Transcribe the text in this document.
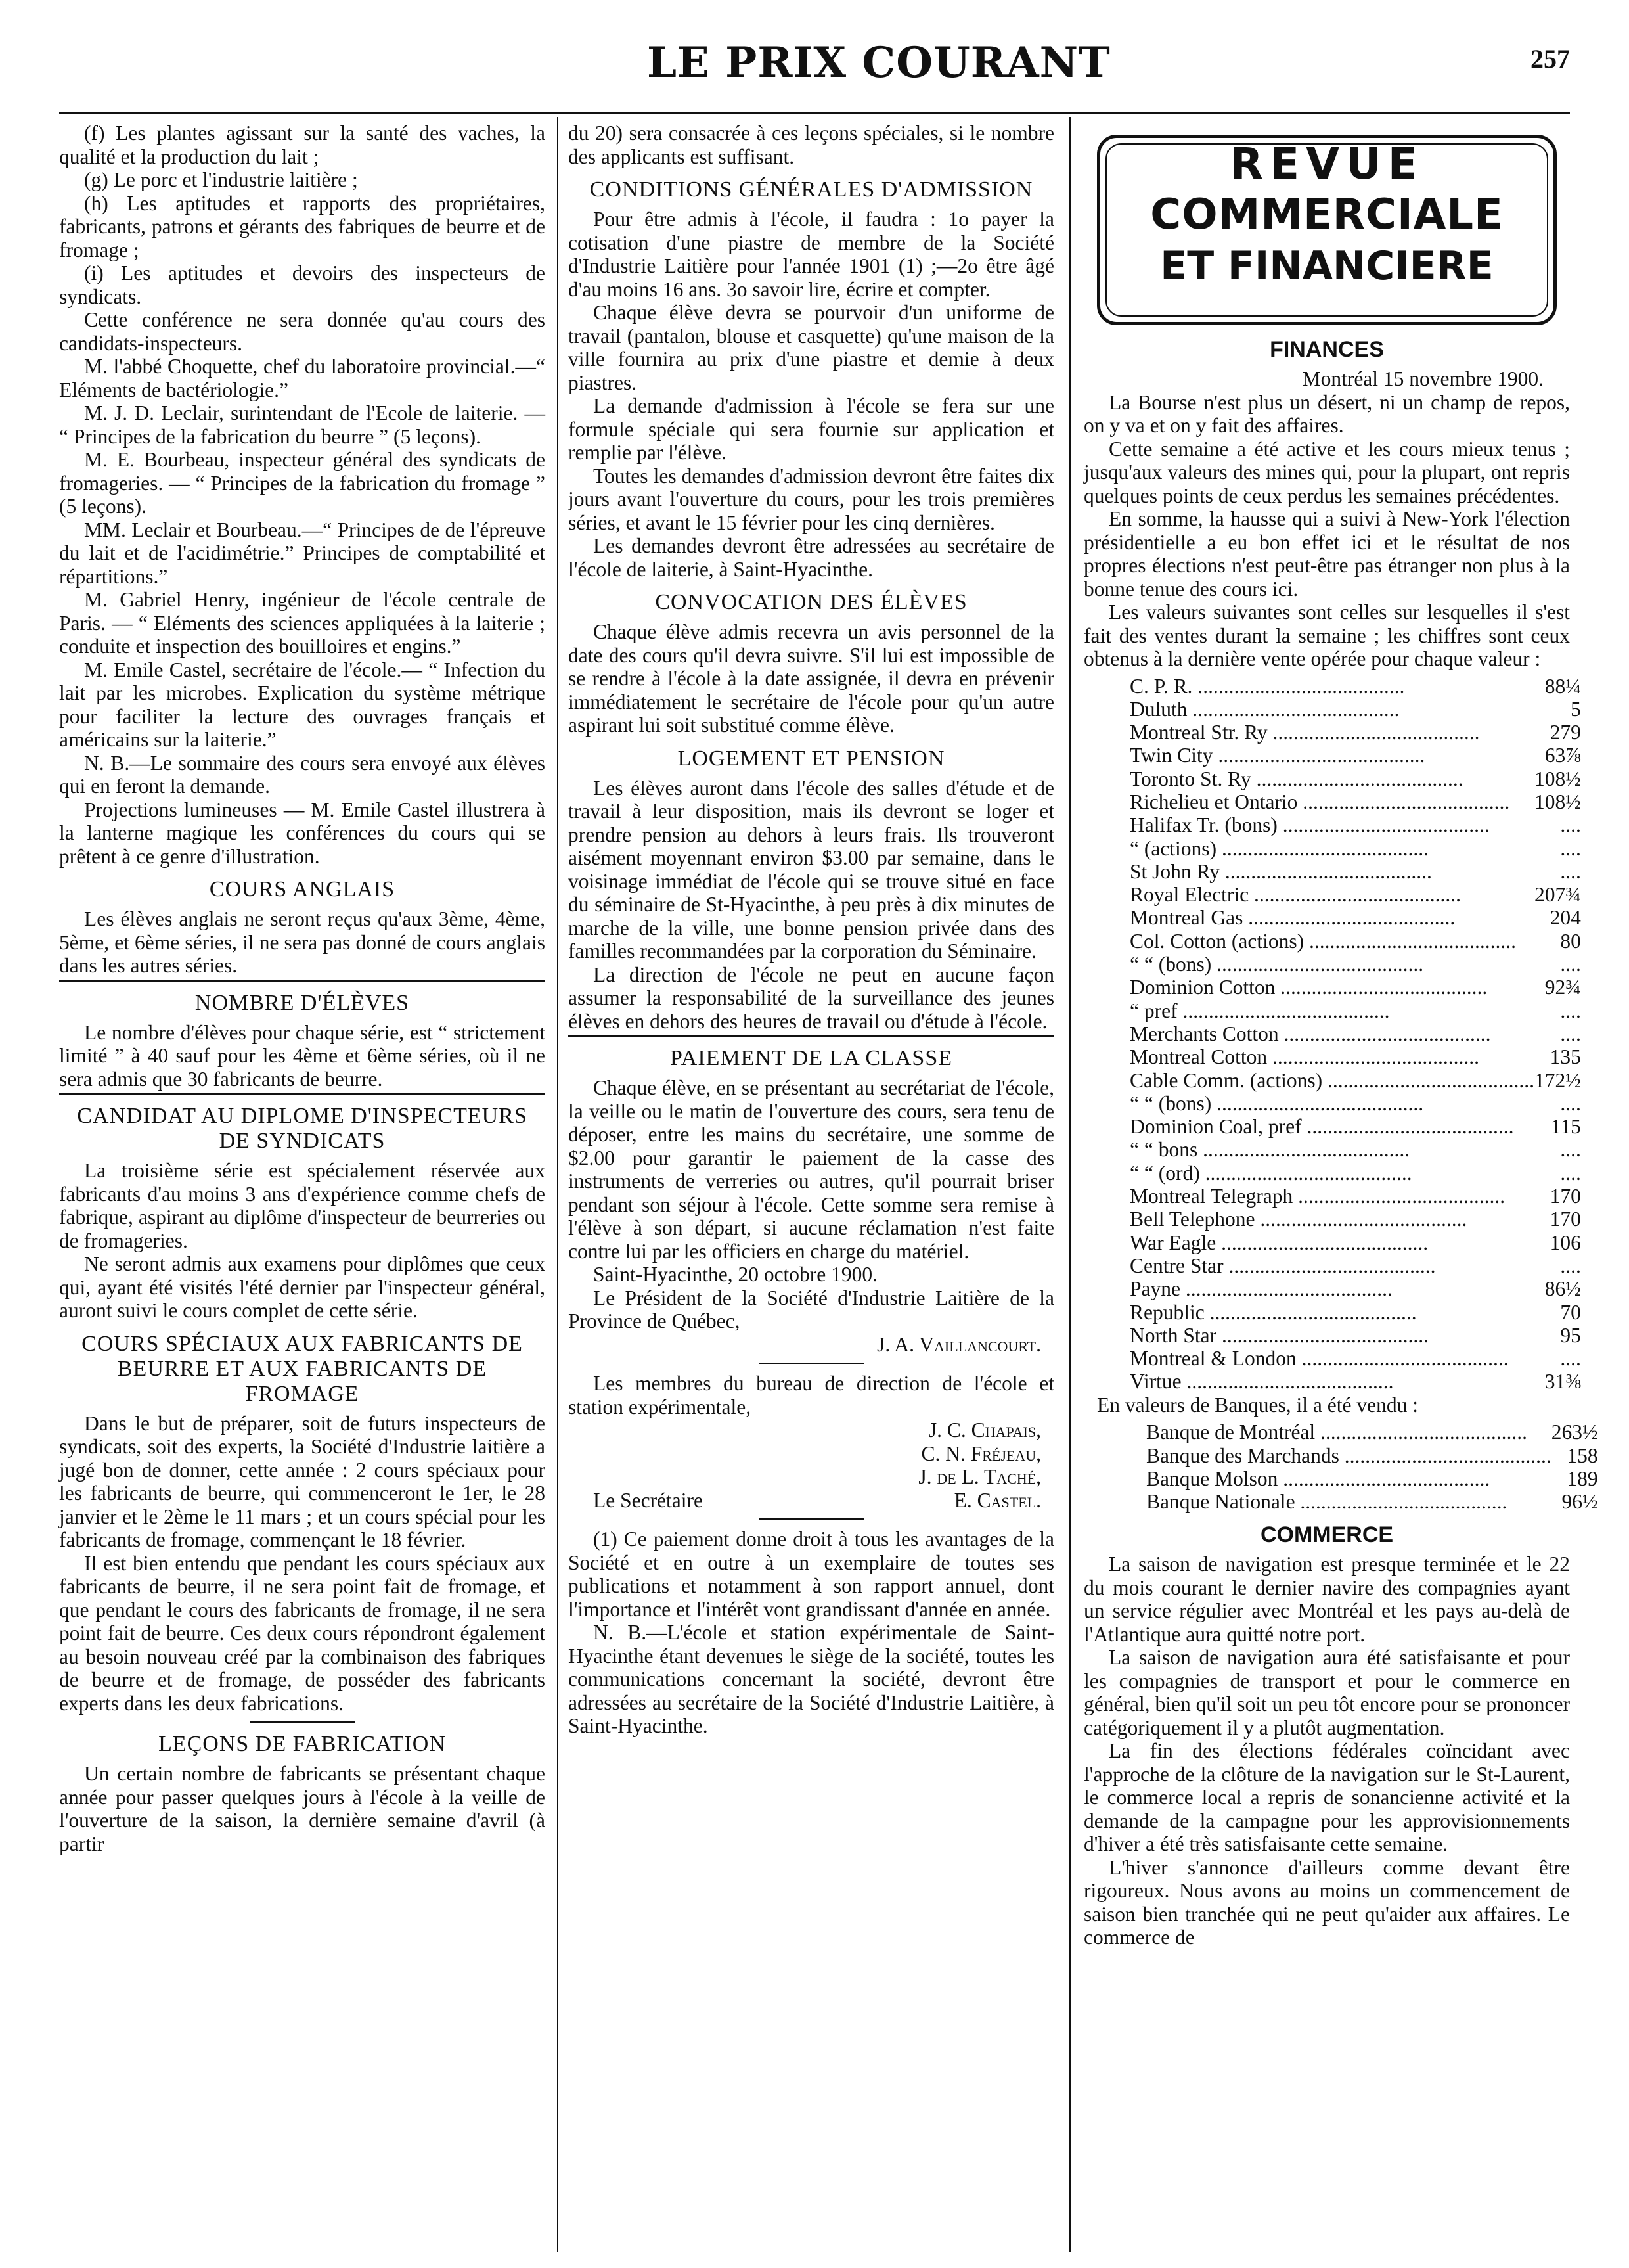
LE PRIX COURANT	257

(f) Les plantes agissant sur la santé des vaches, la qualité et la production du lait ;

(g) Le porc et l'industrie laitière ;

(h) Les aptitudes et rapports des propriétaires, fabricants, patrons et gérants des fabriques de beurre et de fromage ;

(i) Les aptitudes et devoirs des inspecteurs de syndicats.

Cette conférence ne sera donnée qu'au cours des candidats-inspecteurs.

M. l'abbé Choquette, chef du laboratoire provincial.—“ Eléments de bactériologie.”

M. J. D. Leclair, surintendant de l'Ecole de laiterie. — “ Principes de la fabrication du beurre ” (5 leçons).

M. E. Bourbeau, inspecteur général des syndicats de fromageries. — “ Principes de la fabrication du fromage ” (5 leçons).

MM. Leclair et Bourbeau.—“ Principes de de l'épreuve du lait et de l'acidimétrie.” Principes de comptabilité et répartitions.”

M. Gabriel Henry, ingénieur de l'école centrale de Paris. — “ Eléments des sciences appliquées à la laiterie ; conduite et inspection des bouilloires et engins.”

M. Emile Castel, secrétaire de l'école.— “ Infection du lait par les microbes. Explication du système métrique pour faciliter la lecture des ouvrages français et américains sur la laiterie.”

N. B.—Le sommaire des cours sera envoyé aux élèves qui en feront la demande.

Projections lumineuses — M. Emile Castel illustrera à la lanterne magique les conférences du cours qui se prêtent à ce genre d'illustration.

COURS ANGLAIS

Les élèves anglais ne seront reçus qu'aux 3ème, 4ème, 5ème, et 6ème séries, il ne sera pas donné de cours anglais dans les autres séries.

NOMBRE D'ÉLÈVES

Le nombre d'élèves pour chaque série, est “ strictement limité ” à 40 sauf pour les 4ème et 6ème séries, où il ne sera admis que 30 fabricants de beurre.

CANDIDAT AU DIPLOME D'INSPECTEURS DE SYNDICATS

La troisième série est spécialement réservée aux fabricants d'au moins 3 ans d'expérience comme chefs de fabrique, aspirant au diplôme d'inspecteur de beurreries ou de fromageries.

Ne seront admis aux examens pour diplômes que ceux qui, ayant été visités l'été dernier par l'inspecteur général, auront suivi le cours complet de cette série.

COURS SPÉCIAUX AUX FABRICANTS DE BEURRE ET AUX FABRICANTS DE FROMAGE

Dans le but de préparer, soit de futurs inspecteurs de syndicats, soit des experts, la Société d'Industrie laitière a jugé bon de donner, cette année : 2 cours spéciaux pour les fabricants de beurre, qui commenceront le 1er, le 28 janvier et le 2ème le 11 mars ; et un cours spécial pour les fabricants de fromage, commençant le 18 février.

Il est bien entendu que pendant les cours spéciaux aux fabricants de beurre, il ne sera point fait de fromage, et que pendant le cours des fabricants de fromage, il ne sera point fait de beurre. Ces deux cours répondront également au besoin nouveau créé par la combinaison des fabriques de beurre et de fromage, de posséder des fabricants experts dans les deux fabrications.

LEÇONS DE FABRICATION

Un certain nombre de fabricants se présentant chaque année pour passer quelques jours à l'école à la veille de l'ouverture de la saison, la dernière semaine d'avril (à partir

du 20) sera consacrée à ces leçons spéciales, si le nombre des applicants est suffisant.

CONDITIONS GÉNÉRALES D'ADMISSION

Pour être admis à l'école, il faudra : 1o payer la cotisation d'une piastre de membre de la Société d'Industrie Laitière pour l'année 1901 (1) ;—2o être âgé d'au moins 16 ans. 3o savoir lire, écrire et compter.

Chaque élève devra se pourvoir d'un uniforme de travail (pantalon, blouse et casquette) qu'une maison de la ville fournira au prix d'une piastre et demie à deux piastres.

La demande d'admission à l'école se fera sur une formule spéciale qui sera fournie sur application et remplie par l'élève.

Toutes les demandes d'admission devront être faites dix jours avant l'ouverture du cours, pour les trois premières séries, et avant le 15 février pour les cinq dernières.

Les demandes devront être adressées au secrétaire de l'école de laiterie, à Saint-Hyacinthe.

CONVOCATION DES ÉLÈVES

Chaque élève admis recevra un avis personnel de la date des cours qu'il devra suivre. S'il lui est impossible de se rendre à l'école à la date assignée, il devra en prévenir immédiatement le secrétaire de l'école pour qu'un autre aspirant lui soit substitué comme élève.

LOGEMENT ET PENSION

Les élèves auront dans l'école des salles d'étude et de travail à leur disposition, mais ils devront se loger et prendre pension au dehors à leurs frais. Ils trouveront aisément moyennant environ $3.00 par semaine, dans le voisinage immédiat de l'école qui se trouve situé en face du séminaire de St-Hyacinthe, à peu près à dix minutes de marche de la ville, une bonne pension privée dans des familles recommandées par la corporation du Séminaire.

La direction de l'école ne peut en aucune façon assumer la responsabilité de la surveillance des jeunes élèves en dehors des heures de travail ou d'étude à l'école.

PAIEMENT DE LA CLASSE

Chaque élève, en se présentant au secrétariat de l'école, la veille ou le matin de l'ouverture des cours, sera tenu de déposer, entre les mains du secrétaire, une somme de $2.00 pour garantir le paiement de la casse des instruments de verreries ou autres, qu'il pourrait briser pendant son séjour à l'école. Cette somme sera remise à l'élève à son départ, si aucune réclamation n'est faite contre lui par les officiers en charge du matériel.

Saint-Hyacinthe, 20 octobre 1900.

Le Président de la Société d'Industrie Laitière de la Province de Québec,

J. A. Vaillancourt.

Les membres du bureau de direction de l'école et station expérimentale,

J. C. Chapais,
C. N. Fréjeau,
J. de L. Taché,
Le Secrétaire	E. Castel.

(1) Ce paiement donne droit à tous les avantages de la Société et en outre à un exemplaire de toutes ses publications et notamment à son rapport annuel, dont l'importance et l'intérêt vont grandissant d'année en année.

N. B.—L'école et station expérimentale de Saint-Hyacinthe étant devenues le siège de la société, toutes les communications concernant la société, devront être adressées au secrétaire de la Société d'Industrie Laitière, à Saint-Hyacinthe.

REVUE
COMMERCIALE
ET FINANCIERE
FINANCES
Montréal 15 novembre 1900.

La Bourse n'est plus un désert, ni un champ de repos, on y va et on y fait des affaires.

Cette semaine a été active et les cours mieux tenus ; jusqu'aux valeurs des mines qui, pour la plupart, ont repris quelques points de ceux perdus les semaines précédentes.

En somme, la hausse qui a suivi à New-York l'élection présidentielle a eu bon effet ici et le résultat de nos propres élections n'est peut-être pas étranger non plus à la bonne tenue des cours ici.

Les valeurs suivantes sont celles sur lesquelles il s'est fait des ventes durant la semaine ; les chiffres sont ceux obtenus à la dernière vente opérée pour chaque valeur :

C. P. R. .....	88¼
Duluth .....	5
Montreal Str. Ry .....	279
Twin City .....	63⅞
Toronto St. Ry .....	108½
Richelieu et Ontario .....	108½
Halifax Tr. (bons) .....	....
“ (actions) .....	....
St John Ry .....	....
Royal Electric .....	207¾
Montreal Gas .....	204
Col. Cotton (actions) .....	80
“ “ (bons) .....	....
Dominion Cotton .....	92¾
“ pref .....	....
Merchants Cotton .....	....
Montreal Cotton .....	135
Cable Comm. (actions) .....	172½
“ “ (bons) .....	....
Dominion Coal, pref .....	115
“ “ bons .....	....
“ “ (ord) .....	....
Montreal Telegraph .....	170
Bell Telephone .....	170
War Eagle .....	106
Centre Star .....	....
Payne .....	86½
Republic .....	70
North Star .....	95
Montreal & London .....	....
Virtue .....	31⅜

En valeurs de Banques, il a été vendu :

Banque de Montréal .....	263½
Banque des Marchands .....	158
Banque Molson .....	189
Banque Nationale .....	96½
COMMERCE

La saison de navigation est presque terminée et le 22 du mois courant le dernier navire des compagnies ayant un service régulier avec Montréal et les pays au-delà de l'Atlantique aura quitté notre port.

La saison de navigation aura été satisfaisante et pour les compagnies de transport et pour le commerce en général, bien qu'il soit un peu tôt encore pour se prononcer catégoriquement il y a plutôt augmentation.

La fin des élections fédérales coïncidant avec l'approche de la clôture de la navigation sur le St-Laurent, le commerce local a repris de sonancienne activité et la demande de la campagne pour les approvisionnements d'hiver a été très satisfaisante cette semaine.

L'hiver s'annonce d'ailleurs comme devant être rigoureux. Nous avons au moins un commencement de saison bien tranchée qui ne peut qu'aider aux affaires. Le commerce de
